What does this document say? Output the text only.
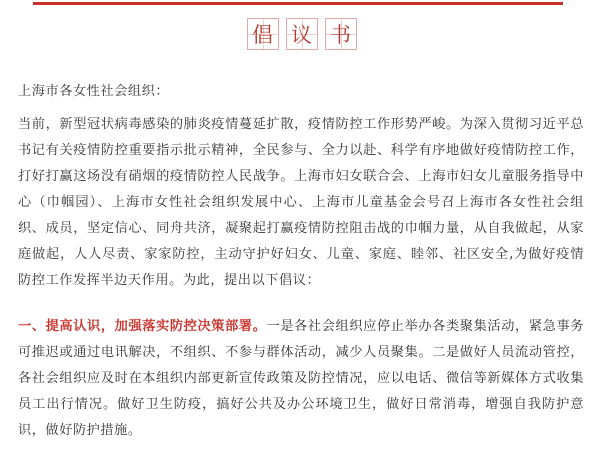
倡 议 书

上海市各女性社会组织：

当前，新型冠状病毒感染的肺炎疫情蔓延扩散，疫情防控工作形势严峻。为深入贯彻习近平总书记有关疫情防控重要指示批示精神，全民参与、全力以赴、科学有序地做好疫情防控工作，打好打赢这场没有硝烟的疫情防控人民战争。上海市妇女联合会、上海市妇女儿童服务指导中心（巾帼园）、上海市女性社会组织发展中心、上海市儿童基金会号召上海市各女性社会组织、成员，坚定信心、同舟共济，凝聚起打赢疫情防控阻击战的巾帼力量，从自我做起，从家庭做起，人人尽责、家家防控，主动守护好妇女、儿童、家庭、睦邻、社区安全,为做好疫情防控工作发挥半边天作用。为此，提出以下倡议：

一、提高认识，加强落实防控决策部署。一是各社会组织应停止举办各类聚集活动，紧急事务可推迟或通过电讯解决，不组织、不参与群体活动，减少人员聚集。二是做好人员流动管控，各社会组织应及时在本组织内部更新宣传政策及防控情况，应以电话、微信等新媒体方式收集员工出行情况。做好卫生防疫，搞好公共及办公环境卫生，做好日常消毒，增强自我防护意识，做好防护措施。
